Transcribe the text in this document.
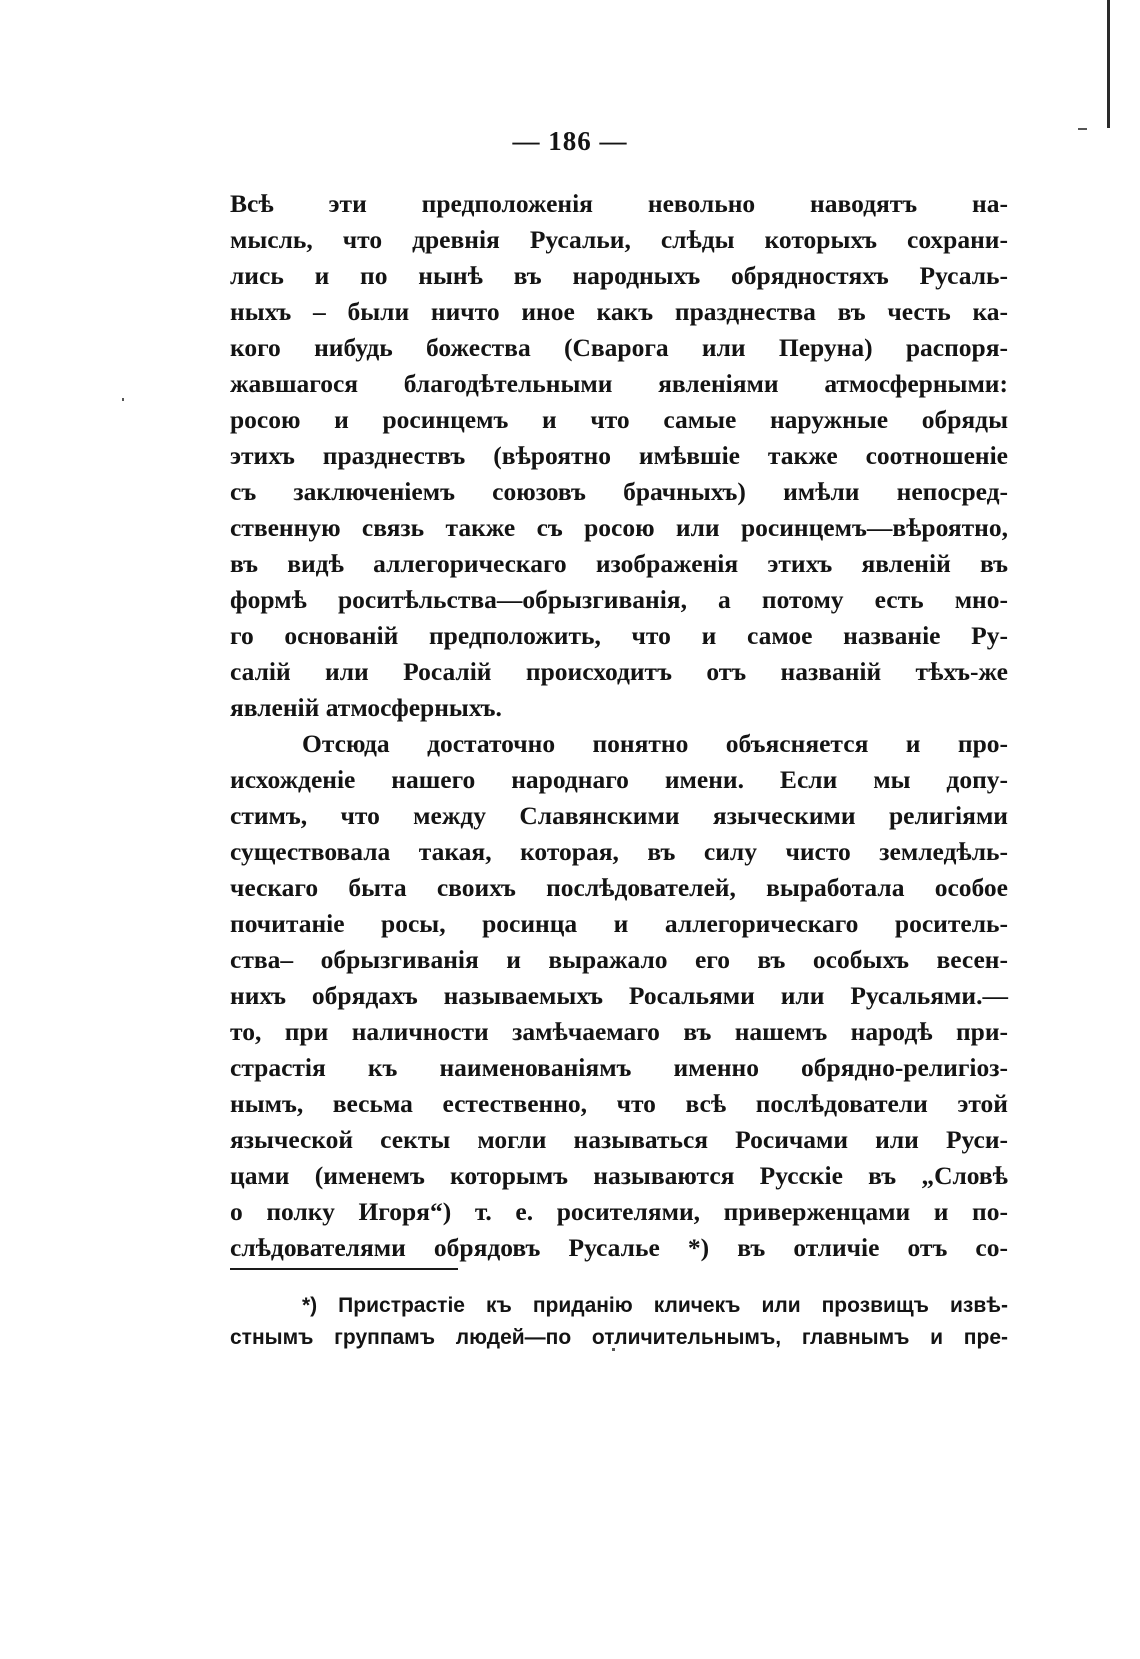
— 186 —
Всѣ эти предположенія невольно наводятъ на-
мысль, что древнія Русальи, слѣды которыхъ сохрани-
лись и по нынѣ въ народныхъ обрядностяхъ Русаль-
ныхъ – были ничто иное какъ празднества въ честь ка-
кого нибудь божества (Сварога или Перуна) распоря-
жавшагося благодѣтельными явленіями атмосферными:
росою и росинцемъ и что самые наружные обряды
этихъ празднествъ (вѣроятно имѣвшіе также соотношеніе
съ заключеніемъ союзовъ брачныхъ) имѣли непосред-
ственную связь также съ росою или росинцемъ—вѣроятно,
въ видѣ аллегорическаго изображенія этихъ явленій въ
формѣ роситѣльства—обрызгиванія, а потому есть мно-
го основаній предположить, что и самое названіе Ру-
салій или Росалій происходитъ отъ названій тѣхъ-же
явленій атмосферныхъ.
Отсюда достаточно понятно объясняется и про-
исхожденіе нашего народнаго имени. Если мы допу-
стимъ, что между Славянскими языческими религіями
существовала такая, которая, въ силу чисто земледѣль-
ческаго быта своихъ послѣдователей, выработала особое
почитаніе росы, росинца и аллегорическаго роситель-
ства– обрызгиванія и выражало его въ особыхъ весен-
нихъ обрядахъ называемыхъ Росальями или Русальями.—
то, при наличности замѣчаемаго въ нашемъ народѣ при-
страстія къ наименованіямъ именно обрядно-религіоз-
нымъ, весьма естественно, что всѣ послѣдователи этой
языческой секты могли называться Росичами или Руси-
цами (именемъ которымъ называются Русскіе въ „Словѣ
о полку Игоря“) т. е. росителями, приверженцами и по-
слѣдователями обрядовъ Русалье *) въ отличіе отъ со-
*) Пристрастіе къ приданію кличекъ или прозвищъ извѣ-
стнымъ группамъ людей—по отличительнымъ, главнымъ и пре-
